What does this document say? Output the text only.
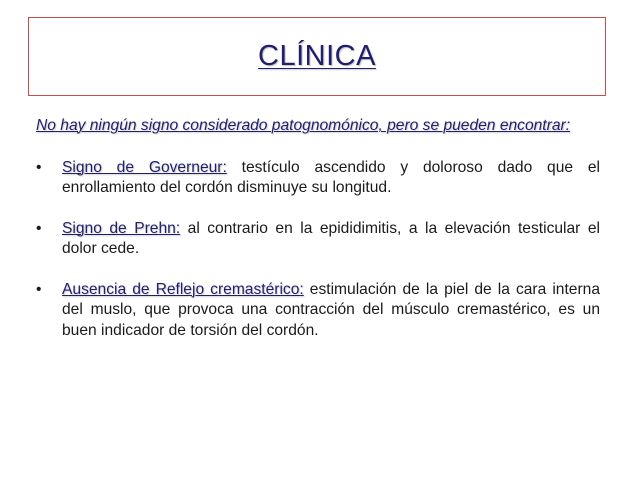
CLÍNICA

No hay ningún signo considerado patognomónico, pero se pueden encontrar:

• Signo de Governeur: testículo ascendido y doloroso dado que el enrollamiento del cordón disminuye su longitud.
• Signo de Prehn: al contrario en la epididimitis, a la elevación testicular el dolor cede.
• Ausencia de Reflejo cremastérico: estimulación de la piel de la cara interna del muslo, que provoca una contracción del músculo cremastérico, es un buen indicador de torsión del cordón.
